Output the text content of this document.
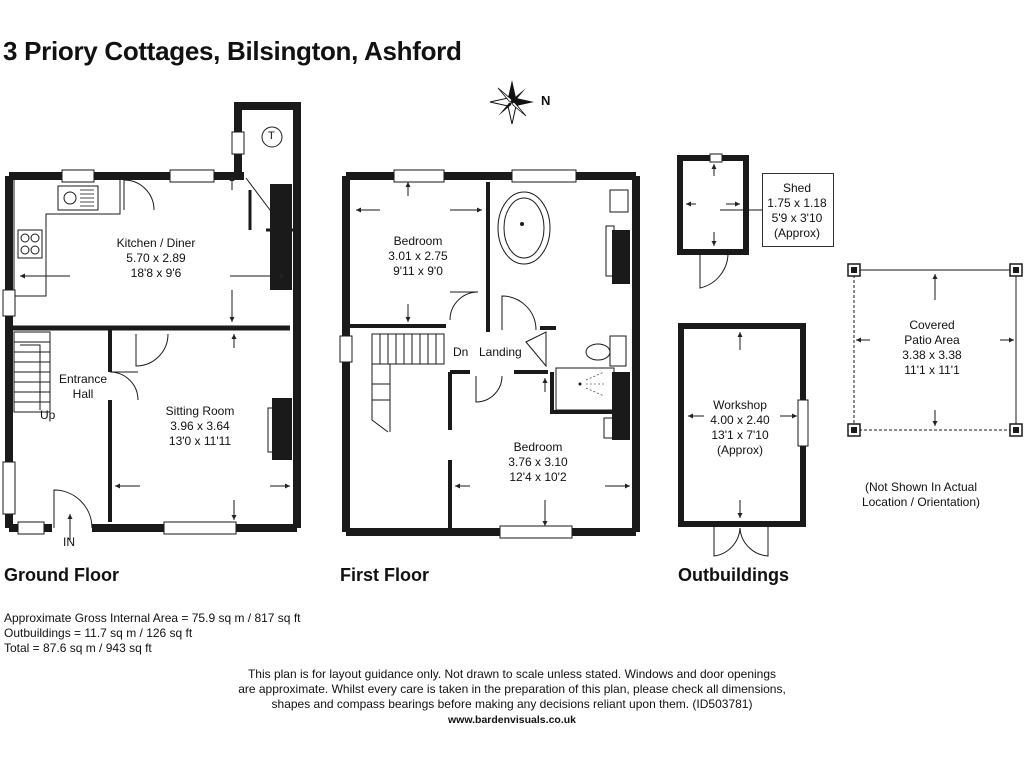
3 Priory Cottages, Bilsington, Ashford
N
Kitchen / Diner
5.70 x 2.89
18'8 x 9'6
Sitting Room
3.96 x 3.64
13'0 x 11'11
Entrance
Hall
Up
IN
T
Bedroom
3.01 x 2.75
9'11 x 9'0
Bedroom
3.76 x 3.10
12'4 x 10'2
Dn Landing
Shed
1.75 x 1.18
5'9 x 3'10
(Approx)
Workshop
4.00 x 2.40
13'1 x 7'10
(Approx)
Covered
Patio Area
3.38 x 3.38
11'1 x 11'1
(Not Shown In Actual
Location / Orientation)
Ground Floor	First Floor	Outbuildings
Approximate Gross Internal Area = 75.9 sq m / 817 sq ft
Outbuildings = 11.7 sq m / 126 sq ft
Total = 87.6 sq m / 943 sq ft
This plan is for layout guidance only. Not drawn to scale unless stated. Windows and door openings
are approximate. Whilst every care is taken in the preparation of this plan, please check all dimensions,
shapes and compass bearings before making any decisions reliant upon them. (ID503781)
www.bardenvisuals.co.uk
